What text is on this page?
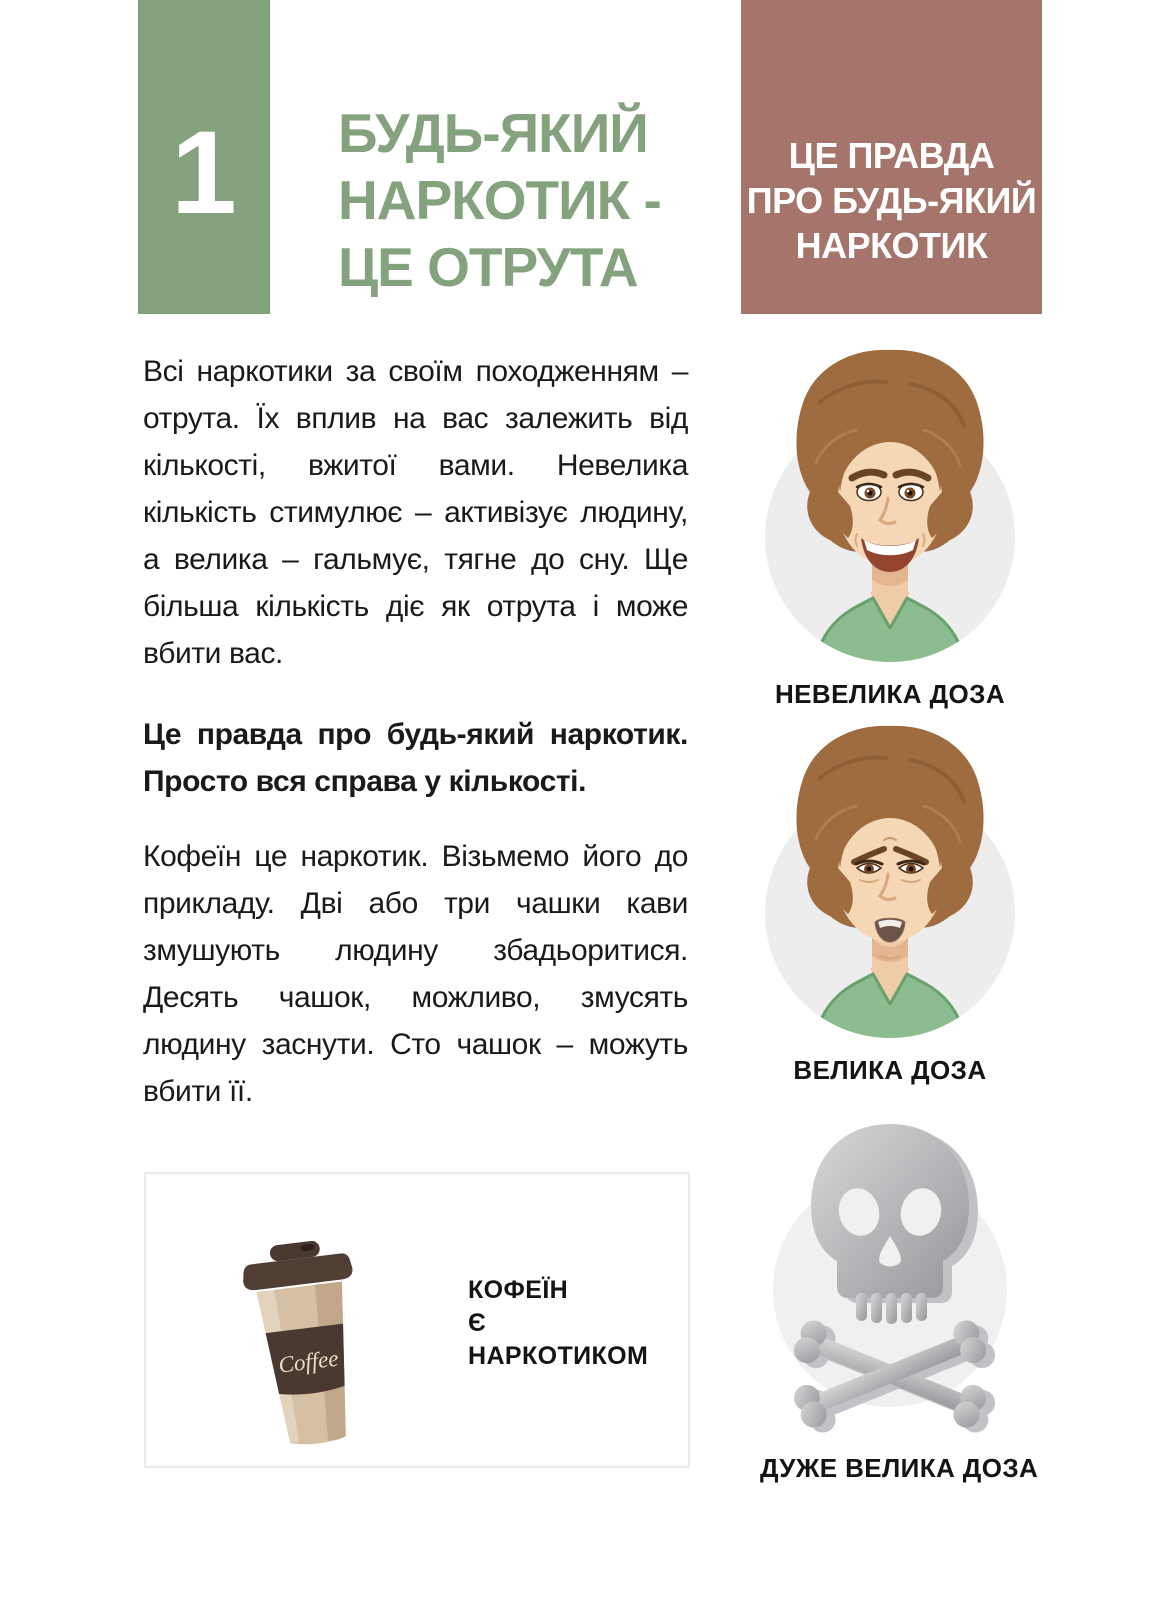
1 БУДЬ-ЯКИЙ
НАРКОТИК -
ЦЕ ОТРУТА
ЦЕ ПРАВДА
ПРО БУДЬ-ЯКИЙ
НАРКОТИК

Всі наркотики за своїм походженням – отрута. Їх вплив на вас залежить від кількості, вжитої вами. Невелика кількість стимулює – активізує людину, а велика – гальмує, тягне до сну. Ще більша кількість діє як отрута і може вбити вас.

Це правда про будь-який наркотик. Просто вся справа у кількості.

Кофеїн це наркотик. Візьмемо його до прикладу. Дві або три чашки кави змушують людину збадьоритися. Десять чашок, можливо, змусять людину заснути. Сто чашок – можуть вбити її.

НЕВЕЛИКА ДОЗА
ВЕЛИКА ДОЗА
ДУЖЕ ВЕЛИКА ДОЗА
Coffee
КОФЕЇН
Є
НАРКОТИКОМ
